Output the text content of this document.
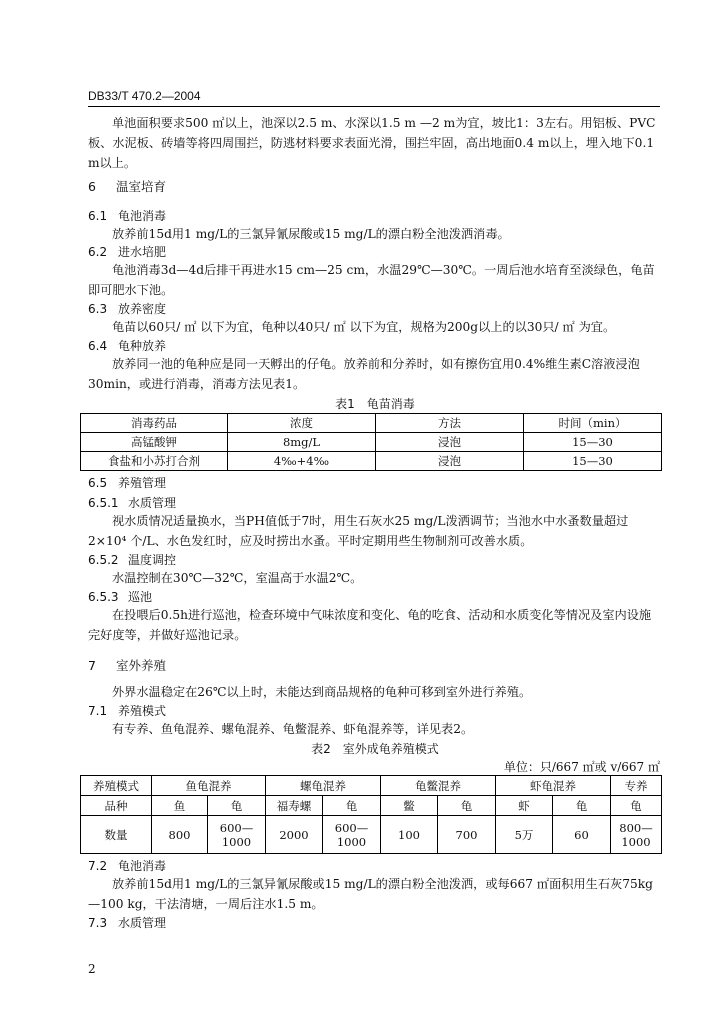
DB33/T 470.2—2004

单池面积要求500 ㎡以上，池深以2.5 m、水深以1.5 m —2 m为宜，坡比1：3左右。用铝板、PVC板、水泥板、砖墙等将四周围拦，防逃材料要求表面光滑，围拦牢固，高出地面0.4 m以上，埋入地下0.1 m以上。

6 温室培育
6.1 龟池消毒

放养前15d用1 mg/L的三氯异氰尿酸或15 mg/L的漂白粉全池泼洒消毒。

6.2 进水培肥

龟池消毒3d—4d后排干再进水15 cm—25 cm，水温29℃—30℃。一周后池水培育至淡绿色，龟苗即可肥水下池。

6.3 放养密度

龟苗以60只/ ㎡ 以下为宜，龟种以40只/ ㎡ 以下为宜，规格为200g以上的以30只/ ㎡ 为宜。

6.4 龟种放养

放养同一池的龟种应是同一天孵出的仔龟。放养前和分养时，如有擦伤宜用0.4%维生素C溶液浸泡30min，或进行消毒，消毒方法见表1。

表1　龟苗消毒
消毒药品	浓度	方法	时间（min）
高锰酸钾	8mg/L	浸泡	15—30
食盐和小苏打合剂	4‰+4‰	浸泡	15—30
6.5 养殖管理
6.5.1 水质管理

视水质情况适量换水，当PH值低于7时，用生石灰水25 mg/L泼洒调节；当池水中水蚤数量超过2×10⁴ 个/L、水色发红时，应及时捞出水蚤。平时定期用些生物制剂可改善水质。

6.5.2 温度调控

水温控制在30℃—32℃，室温高于水温2℃。

6.5.3 巡池

在投喂后0.5h进行巡池，检查环境中气味浓度和变化、龟的吃食、活动和水质变化等情况及室内设施完好度等，并做好巡池记录。

7 室外养殖

外界水温稳定在26℃以上时，未能达到商品规格的龟种可移到室外进行养殖。

7.1 养殖模式

有专养、鱼龟混养、螺龟混养、龟鳖混养、虾龟混养等，详见表2。

表2　室外成龟养殖模式
单位：只/667 ㎡或 v/667 ㎡
养殖模式	鱼龟混养		螺龟混养		龟鳖混养		虾龟混养		专养
品种	鱼	龟	福寿螺	龟	鳖	龟	虾	龟	龟
数量	800	600—1000	2000	600—1000	100	700	5万	60	800—1000
7.2 龟池消毒

放养前15d用1 mg/L的三氯异氰尿酸或15 mg/L的漂白粉全池泼洒，或每667 ㎡面积用生石灰75kg—100 kg，干法清塘，一周后注水1.5 m。

7.3 水质管理
2
